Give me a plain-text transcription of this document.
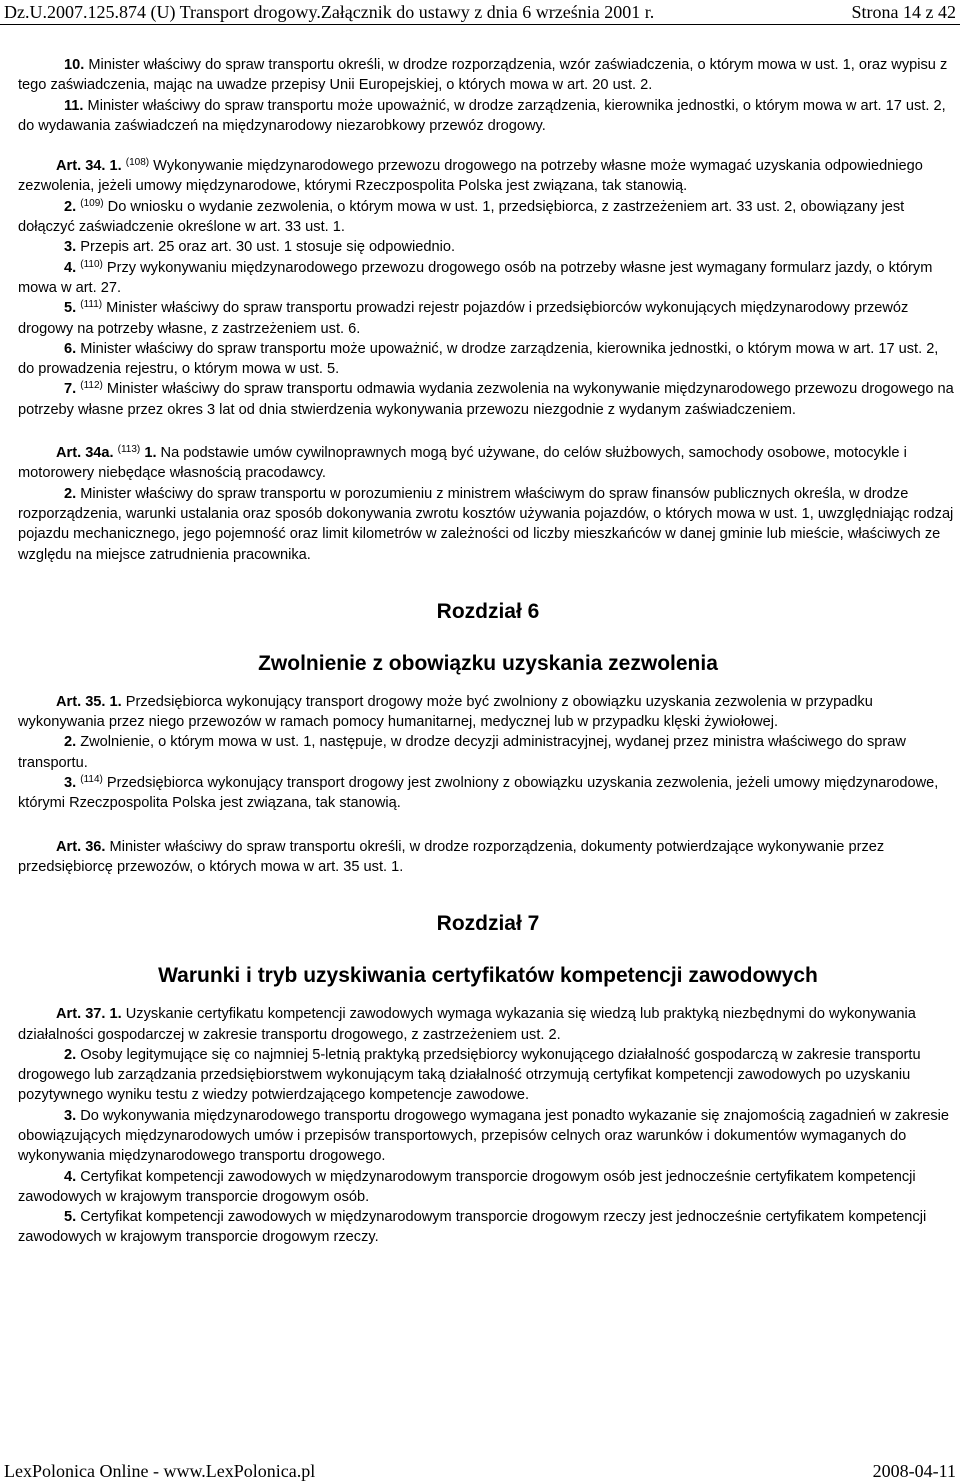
Dz.U.2007.125.874 (U) Transport drogowy.Załącznik do ustawy z dnia 6 września 2001 r.	Strona 14 z 42

10. Minister właściwy do spraw transportu określi, w drodze rozporządzenia, wzór zaświadczenia, o którym mowa w ust. 1, oraz wypisu z tego zaświadczenia, mając na uwadze przepisy Unii Europejskiej, o których mowa w art. 20 ust. 2.

11. Minister właściwy do spraw transportu może upoważnić, w drodze zarządzenia, kierownika jednostki, o którym mowa w art. 17 ust. 2, do wydawania zaświadczeń na międzynarodowy niezarobkowy przewóz drogowy.

Art. 34. 1. $^{(108)}$ Wykonywanie międzynarodowego przewozu drogowego na potrzeby własne może wymagać uzyskania odpowiedniego zezwolenia, jeżeli umowy międzynarodowe, którymi Rzeczpospolita Polska jest związana, tak stanowią.

2. $^{(109)}$ Do wniosku o wydanie zezwolenia, o którym mowa w ust. 1, przedsiębiorca, z zastrzeżeniem art. 33 ust. 2, obowiązany jest dołączyć zaświadczenie określone w art. 33 ust. 1.

3. Przepis art. 25 oraz art. 30 ust. 1 stosuje się odpowiednio.

4. $^{(110)}$ Przy wykonywaniu międzynarodowego przewozu drogowego osób na potrzeby własne jest wymagany formularz jazdy, o którym mowa w art. 27.

5. $^{(111)}$ Minister właściwy do spraw transportu prowadzi rejestr pojazdów i przedsiębiorców wykonujących międzynarodowy przewóz drogowy na potrzeby własne, z zastrzeżeniem ust. 6.

6. Minister właściwy do spraw transportu może upoważnić, w drodze zarządzenia, kierownika jednostki, o którym mowa w art. 17 ust. 2, do prowadzenia rejestru, o którym mowa w ust. 5.

7. $^{(112)}$ Minister właściwy do spraw transportu odmawia wydania zezwolenia na wykonywanie międzynarodowego przewozu drogowego na potrzeby własne przez okres 3 lat od dnia stwierdzenia wykonywania przewozu niezgodnie z wydanym zaświadczeniem.

Art. 34a. $^{(113)}$ 1. Na podstawie umów cywilnoprawnych mogą być używane, do celów służbowych, samochody osobowe, motocykle i motorowery niebędące własnością pracodawcy.

2. Minister właściwy do spraw transportu w porozumieniu z ministrem właściwym do spraw finansów publicznych określa, w drodze rozporządzenia, warunki ustalania oraz sposób dokonywania zwrotu kosztów używania pojazdów, o których mowa w ust. 1, uwzględniając rodzaj pojazdu mechanicznego, jego pojemność oraz limit kilometrów w zależności od liczby mieszkańców w danej gminie lub mieście, właściwych ze względu na miejsce zatrudnienia pracownika.

Rozdział 6

Zwolnienie z obowiązku uzyskania zezwolenia

Art. 35. 1. Przedsiębiorca wykonujący transport drogowy może być zwolniony z obowiązku uzyskania zezwolenia w przypadku wykonywania przez niego przewozów w ramach pomocy humanitarnej, medycznej lub w przypadku klęski żywiołowej.

2. Zwolnienie, o którym mowa w ust. 1, następuje, w drodze decyzji administracyjnej, wydanej przez ministra właściwego do spraw transportu.

3. $^{(114)}$ Przedsiębiorca wykonujący transport drogowy jest zwolniony z obowiązku uzyskania zezwolenia, jeżeli umowy międzynarodowe, którymi Rzeczpospolita Polska jest związana, tak stanowią.

Art. 36. Minister właściwy do spraw transportu określi, w drodze rozporządzenia, dokumenty potwierdzające wykonywanie przez przedsiębiorcę przewozów, o których mowa w art. 35 ust. 1.

Rozdział 7

Warunki i tryb uzyskiwania certyfikatów kompetencji zawodowych

Art. 37. 1. Uzyskanie certyfikatu kompetencji zawodowych wymaga wykazania się wiedzą lub praktyką niezbędnymi do wykonywania działalności gospodarczej w zakresie transportu drogowego, z zastrzeżeniem ust. 2.

2. Osoby legitymujące się co najmniej 5-letnią praktyką przedsiębiorcy wykonującego działalność gospodarczą w zakresie transportu drogowego lub zarządzania przedsiębiorstwem wykonującym taką działalność otrzymują certyfikat kompetencji zawodowych po uzyskaniu pozytywnego wyniku testu z wiedzy potwierdzającego kompetencje zawodowe.

3. Do wykonywania międzynarodowego transportu drogowego wymagana jest ponadto wykazanie się znajomością zagadnień w zakresie obowiązujących międzynarodowych umów i przepisów transportowych, przepisów celnych oraz warunków i dokumentów wymaganych do wykonywania międzynarodowego transportu drogowego.

4. Certyfikat kompetencji zawodowych w międzynarodowym transporcie drogowym osób jest jednocześnie certyfikatem kompetencji zawodowych w krajowym transporcie drogowym osób.

5. Certyfikat kompetencji zawodowych w międzynarodowym transporcie drogowym rzeczy jest jednocześnie certyfikatem kompetencji zawodowych w krajowym transporcie drogowym rzeczy.

LexPolonica Online - www.LexPolonica.pl	2008-04-11
